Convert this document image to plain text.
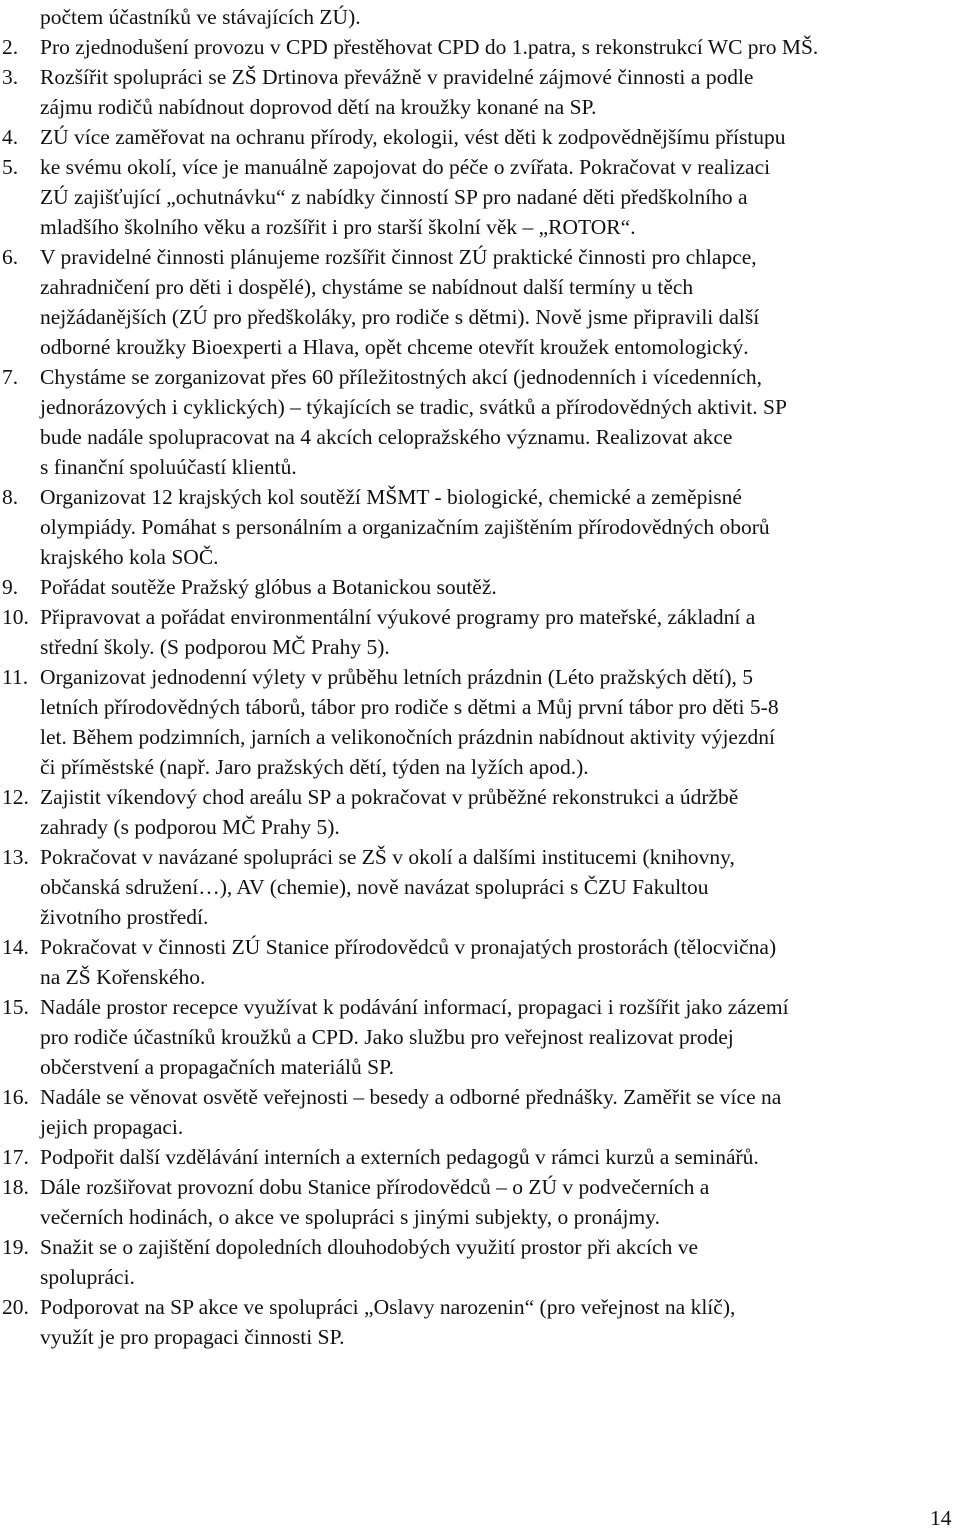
počtem účastníků ve stávajících ZÚ).
2. Pro zjednodušení provozu v CPD přestěhovat CPD do 1.patra, s rekonstrukcí WC pro MŠ.
3. Rozšířit spolupráci se ZŠ Drtinova převážně v pravidelné zájmové činnosti a podle
zájmu rodičů nabídnout doprovod dětí na kroužky konané na SP.
4. ZÚ více zaměřovat na ochranu přírody, ekologii, vést děti k zodpovědnějšímu přístupu
5. ke svému okolí, více je manuálně zapojovat do péče o zvířata. Pokračovat v realizaci
ZÚ zajišťující „ochutnávku“ z nabídky činností SP pro nadané děti předškolního a
mladšího školního věku a rozšířit i pro starší školní věk – „ROTOR“.
6. V pravidelné činnosti plánujeme rozšířit činnost ZÚ praktické činnosti pro chlapce,
zahradničení pro děti i dospělé), chystáme se nabídnout další termíny u těch
nejžádanějších (ZÚ pro předškoláky, pro rodiče s dětmi). Nově jsme připravili další
odborné kroužky Bioexperti a Hlava, opět chceme otevřít kroužek entomologický.
7. Chystáme se zorganizovat přes 60 příležitostných akcí (jednodenních i vícedenních,
jednorázových i cyklických) – týkajících se tradic, svátků a přírodovědných aktivit. SP
bude nadále spolupracovat na 4 akcích celopražského významu. Realizovat akce
s finanční spoluúčastí klientů.
8. Organizovat 12 krajských kol soutěží MŠMT - biologické, chemické a zeměpisné
olympiády. Pomáhat s personálním a organizačním zajištěním přírodovědných oborů
krajského kola SOČ.
9. Pořádat soutěže Pražský glóbus a Botanickou soutěž.
10. Připravovat a pořádat environmentální výukové programy pro mateřské, základní a
střední školy. (S podporou MČ Prahy 5).
11. Organizovat jednodenní výlety v průběhu letních prázdnin (Léto pražských dětí), 5
letních přírodovědných táborů, tábor pro rodiče s dětmi a Můj první tábor pro děti 5-8
let. Během podzimních, jarních a velikonočních prázdnin nabídnout aktivity výjezdní
či příměstské (např. Jaro pražských dětí, týden na lyžích apod.).
12. Zajistit víkendový chod areálu SP a pokračovat v průběžné rekonstrukci a údržbě
zahrady (s podporou MČ Prahy 5).
13. Pokračovat v navázané spolupráci se ZŠ v okolí a dalšími institucemi (knihovny,
občanská sdružení…), AV (chemie), nově navázat spolupráci s ČZU Fakultou
životního prostředí.
14. Pokračovat v činnosti ZÚ Stanice přírodovědců v pronajatých prostorách (tělocvična)
na ZŠ Kořenského.
15. Nadále prostor recepce využívat k podávání informací, propagaci i rozšířit jako zázemí
pro rodiče účastníků kroužků a CPD. Jako službu pro veřejnost realizovat prodej
občerstvení a propagačních materiálů SP.
16. Nadále se věnovat osvětě veřejnosti – besedy a odborné přednášky. Zaměřit se více na
jejich propagaci.
17. Podpořit další vzdělávání interních a externích pedagogů v rámci kurzů a seminářů.
18. Dále rozšiřovat provozní dobu Stanice přírodovědců – o ZÚ v podvečerních a
večerních hodinách, o akce ve spolupráci s jinými subjekty, o pronájmy.
19. Snažit se o zajištění dopoledních dlouhodobých využití prostor při akcích ve
spolupráci.
20. Podporovat na SP akce ve spolupráci „Oslavy narozenin“ (pro veřejnost na klíč),
využít je pro propagaci činnosti SP.
14
